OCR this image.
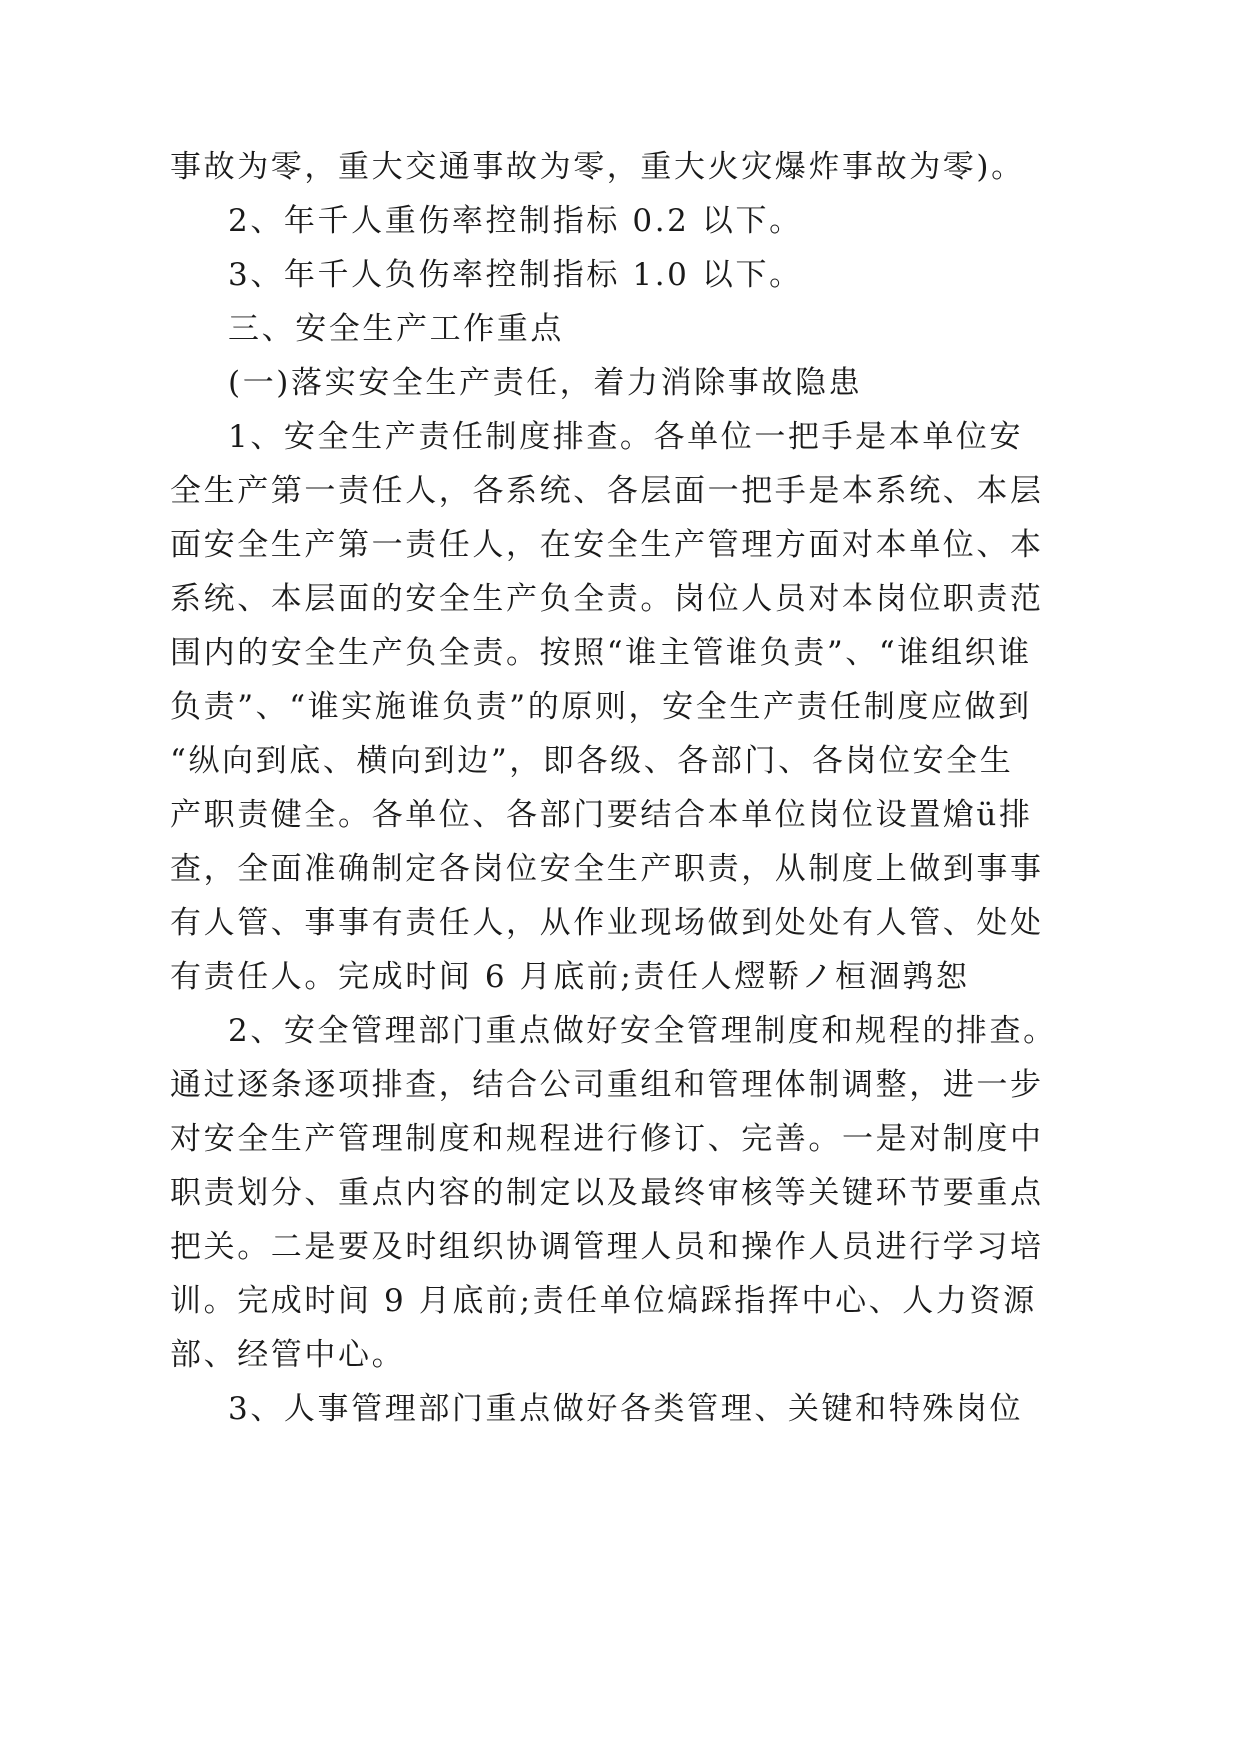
事故为零，重大交通事故为零，重大火灾爆炸事故为零)。
2、年千人重伤率控制指标 0.2 以下。
3、年千人负伤率控制指标 1.0 以下。
三、安全生产工作重点
(一)落实安全生产责任，着力消除事故隐患
1、安全生产责任制度排查。各单位一把手是本单位安
全生产第一责任人，各系统、各层面一把手是本系统、本层
面安全生产第一责任人，在安全生产管理方面对本单位、本
系统、本层面的安全生产负全责。岗位人员对本岗位职责范
围内的安全生产负全责。按照“谁主管谁负责”、“谁组织谁
负责”、“谁实施谁负责”的原则，安全生产责任制度应做到
“纵向到底、横向到边”，即各级、各部门、各岗位安全生
产职责健全。各单位、各部门要结合本单位岗位设置熗ü排
查，全面准确制定各岗位安全生产职责，从制度上做到事事
有人管、事事有责任人，从作业现场做到处处有人管、处处
有责任人。完成时间 6 月底前;责任人熤鞒ノ桓涸鹑恕
2、安全管理部门重点做好安全管理制度和规程的排查。
通过逐条逐项排查，结合公司重组和管理体制调整，进一步
对安全生产管理制度和规程进行修订、完善。一是对制度中
职责划分、重点内容的制定以及最终审核等关键环节要重点
把关。二是要及时组织协调管理人员和操作人员进行学习培
训。完成时间 9 月底前;责任单位熇踩指挥中心、人力资源
部、经管中心。
3、人事管理部门重点做好各类管理、关键和特殊岗位
